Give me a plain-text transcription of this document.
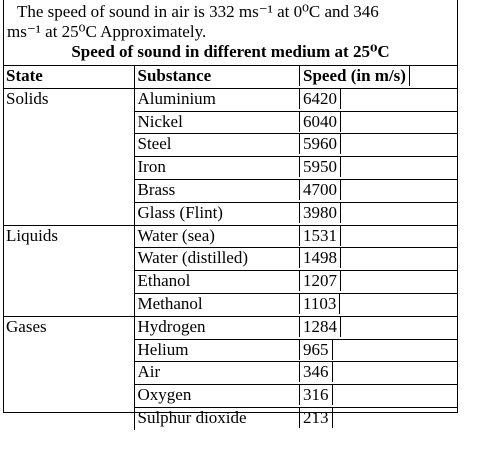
The speed of sound in air is 332 ms⁻¹ at 0⁰C and 346
ms⁻¹ at 25⁰C Approximately.
Speed of sound in different medium at 25⁰C
State	Substance	Speed (in m/s)
Solids	Aluminium	6420
	Nickel	6040
	Steel	5960
	Iron	5950
	Brass	4700
	Glass (Flint)	3980
Liquids	Water (sea)	1531
	Water (distilled)	1498
	Ethanol	1207
	Methanol	1103
Gases	Hydrogen	1284
	Helium	965
	Air	346
	Oxygen	316
	Sulphur dioxide	213
